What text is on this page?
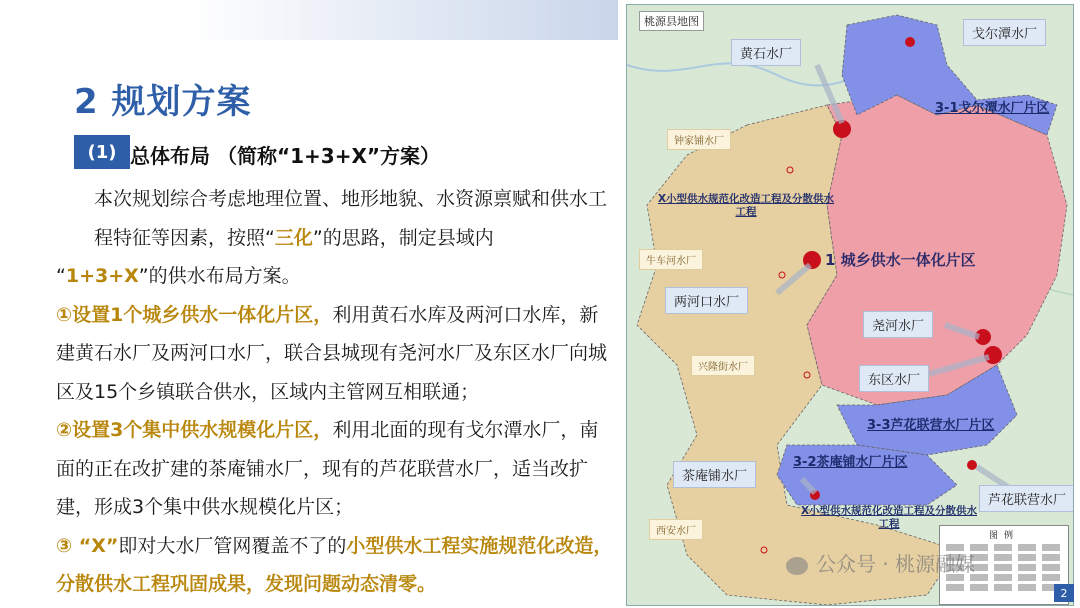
2 规划方案
(1) 总体布局 （简称“1+3+X”方案）

本次规划综合考虑地理位置、地形地貌、水资源禀赋和供水工程特征等因素，按照“三化”的思路，制定县域内

“1+3+X”的供水布局方案。

①设置1个城乡供水一体化片区，利用黄石水库及两河口水库，新建黄石水厂及两河口水厂，联合县城现有尧河水厂及东区水厂向城区及15个乡镇联合供水，区域内主管网互相联通；

②设置3个集中供水规模化片区，利用北面的现有戈尔潭水厂，南面的正在改扩建的茶庵铺水厂，现有的芦花联营水厂，适当改扩建，形成3个集中供水规模化片区；

③ “X”即对大水厂管网覆盖不了的小型供水工程实施规范化改造，分散供水工程巩固成果，发现问题动态清零。

桃源县地图
戈尔潭水厂
黄石水厂
钟家铺水厂
牛车河水厂
两河口水厂
尧河水厂
东区水厂
兴隆街水厂
茶庵铺水厂
芦花联营水厂
西安水厂
3-1戈尔潭水厂片区
1 城乡供水一体化片区
3-3芦花联营水厂片区
3-2茶庵铺水厂片区
X小型供水规范化改造工程及分散供水工程
X小型供水规范化改造工程及分散供水工程
图例
公众号 · 桃源融媒
2
